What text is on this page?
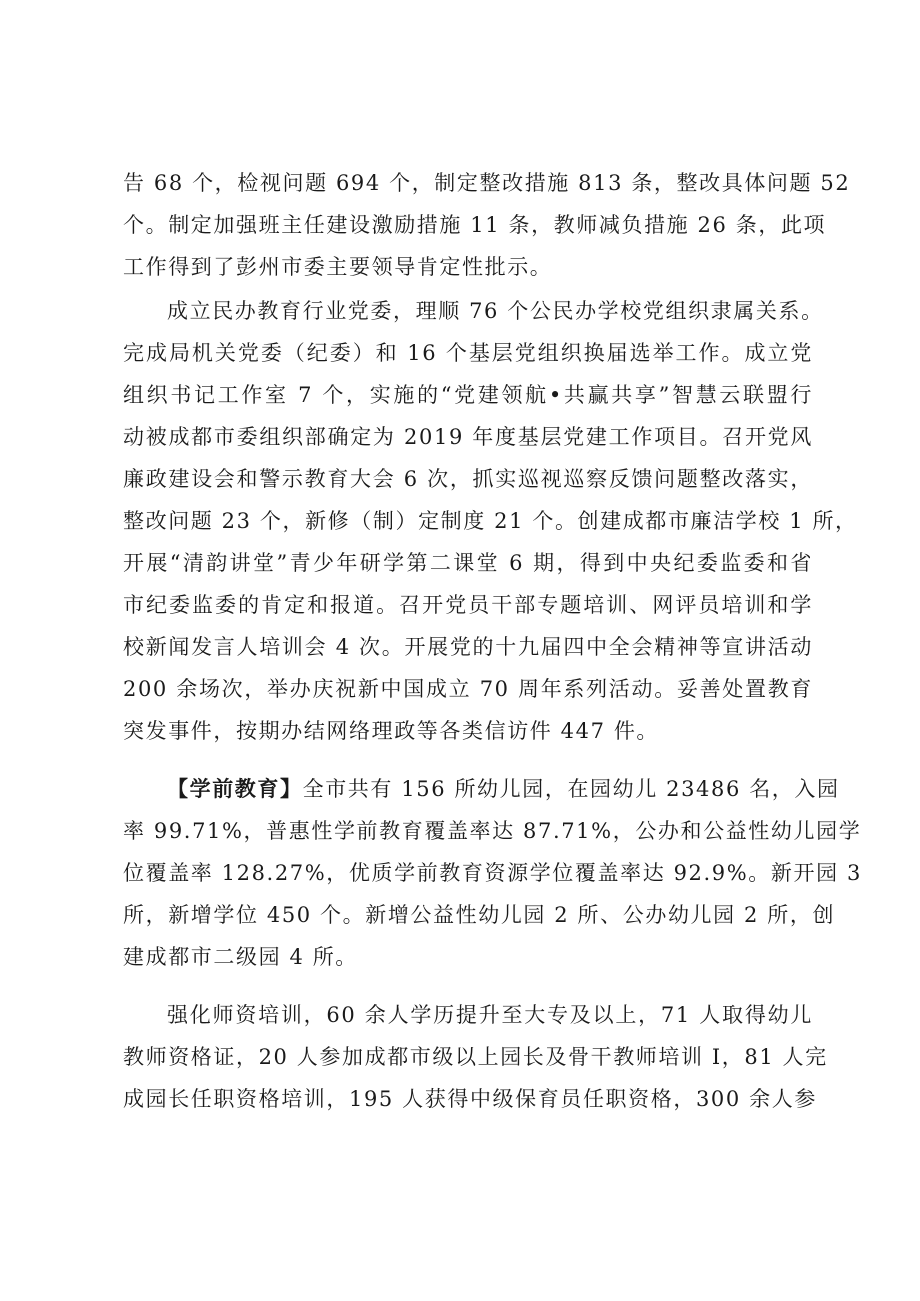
告 68 个，检视问题 694 个，制定整改措施 813 条，整改具体问题 52
个。制定加强班主任建设激励措施 11 条，教师减负措施 26 条，此项
工作得到了彭州市委主要领导肯定性批示。
成立民办教育行业党委，理顺 76 个公民办学校党组织隶属关系。
完成局机关党委（纪委）和 16 个基层党组织换届选举工作。成立党
组织书记工作室 7 个，实施的“党建领航•共赢共享”智慧云联盟行
动被成都市委组织部确定为 2019 年度基层党建工作项目。召开党风
廉政建设会和警示教育大会 6 次，抓实巡视巡察反馈问题整改落实，
整改问题 23 个，新修（制）定制度 21 个。创建成都市廉洁学校 1 所，
开展“清韵讲堂”青少年研学第二课堂 6 期，得到中央纪委监委和省
市纪委监委的肯定和报道。召开党员干部专题培训、网评员培训和学
校新闻发言人培训会 4 次。开展党的十九届四中全会精神等宣讲活动
200 余场次，举办庆祝新中国成立 70 周年系列活动。妥善处置教育
突发事件，按期办结网络理政等各类信访件 447 件。
【学前教育】 全市共有 156 所幼儿园，在园幼儿 23486 名，入园
率 99.71%，普惠性学前教育覆盖率达 87.71%，公办和公益性幼儿园学
位覆盖率 128.27%，优质学前教育资源学位覆盖率达 92.9%。新开园 3
所，新增学位 450 个。新增公益性幼儿园 2 所、公办幼儿园 2 所，创
建成都市二级园 4 所。
强化师资培训，60 余人学历提升至大专及以上，71 人取得幼儿
教师资格证，20 人参加成都市级以上园长及骨干教师培训 I，81 人完
成园长任职资格培训，195 人获得中级保育员任职资格，300 余人参
